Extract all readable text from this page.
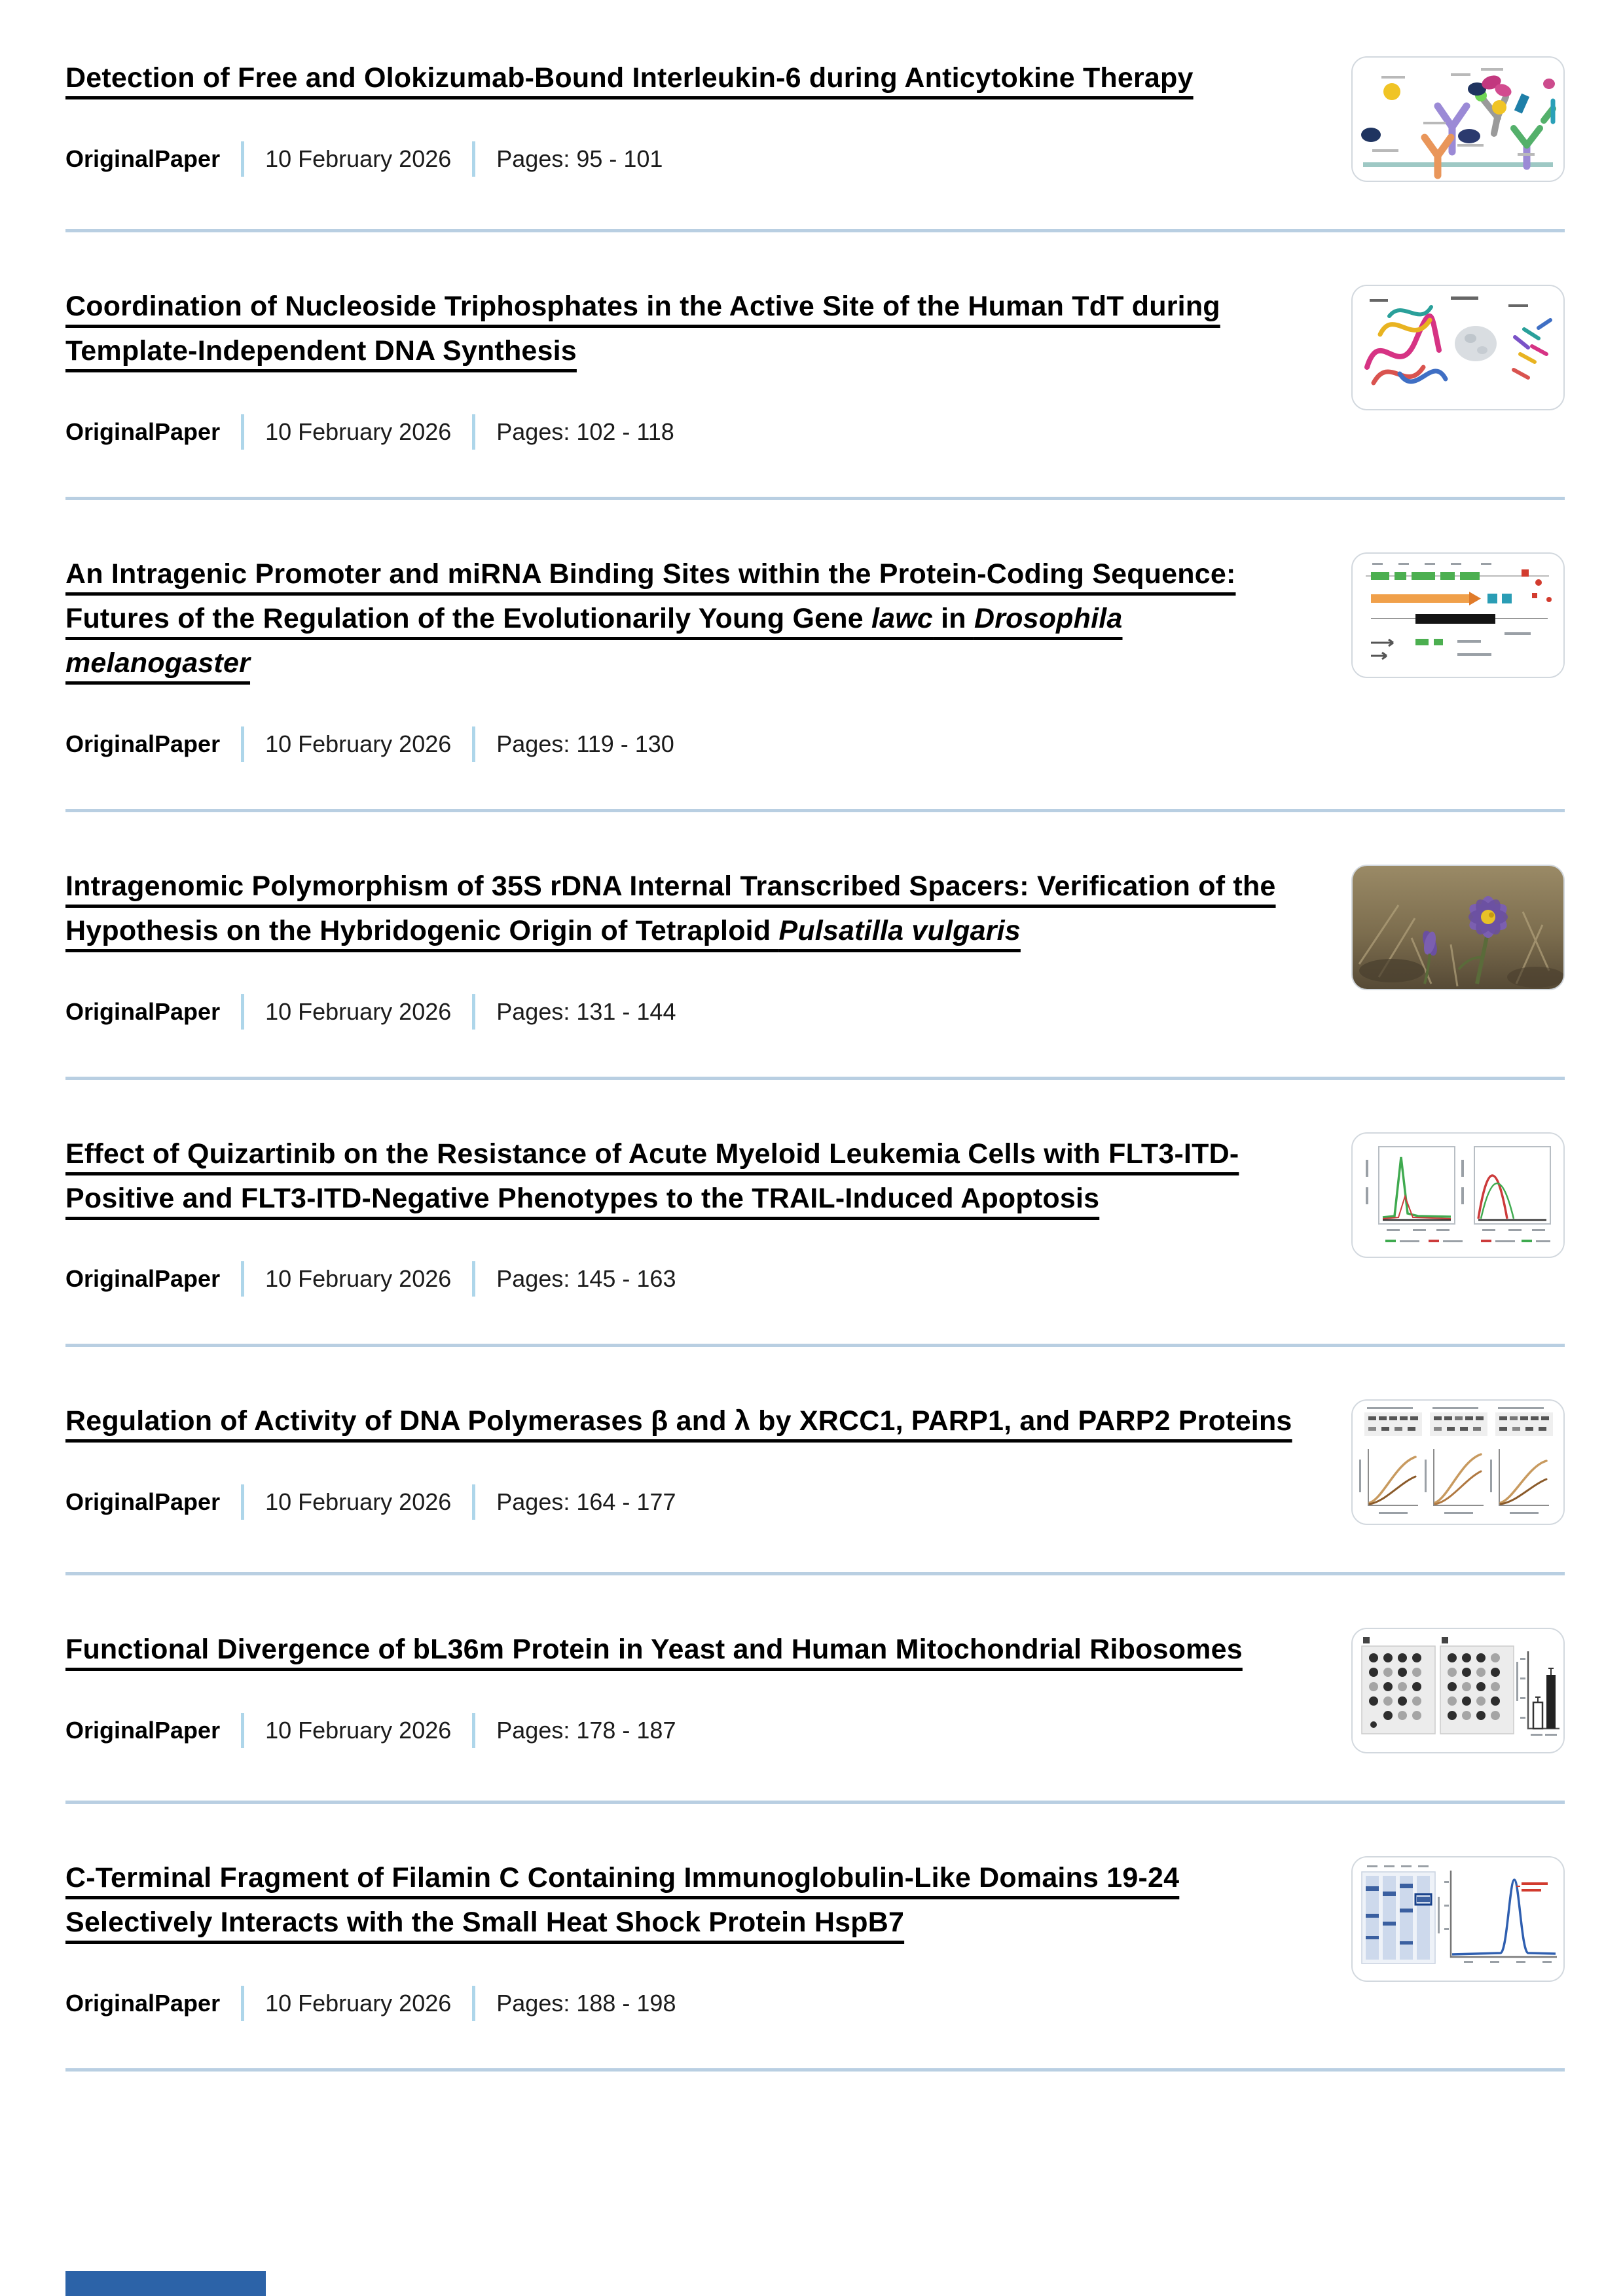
Detection of Free and Olokizumab-Bound Interleukin-6 during Anticytokine Therapy
OriginalPaper 10 February 2026 Pages: 95 - 101
Coordination of Nucleoside Triphosphates in the Active Site of the Human TdT during Template-Independent DNA Synthesis
OriginalPaper 10 February 2026 Pages: 102 - 118
An Intragenic Promoter and miRNA Binding Sites within the Protein-Coding Sequence: Futures of the Regulation of the Evolutionarily Young Gene lawc in Drosophila melanogaster
OriginalPaper 10 February 2026 Pages: 119 - 130
Intragenomic Polymorphism of 35S rDNA Internal Transcribed Spacers: Verification of the Hypothesis on the Hybridogenic Origin of Tetraploid Pulsatilla vulgaris
OriginalPaper 10 February 2026 Pages: 131 - 144
Effect of Quizartinib on the Resistance of Acute Myeloid Leukemia Cells with FLT3-ITD-Positive and FLT3-ITD-Negative Phenotypes to the TRAIL-Induced Apoptosis
OriginalPaper 10 February 2026 Pages: 145 - 163
Regulation of Activity of DNA Polymerases β and λ by XRCC1, PARP1, and PARP2 Proteins
OriginalPaper 10 February 2026 Pages: 164 - 177
Functional Divergence of bL36m Protein in Yeast and Human Mitochondrial Ribosomes
OriginalPaper 10 February 2026 Pages: 178 - 187
C-Terminal Fragment of Filamin C Containing Immunoglobulin-Like Domains 19-24 Selectively Interacts with the Small Heat Shock Protein HspB7
OriginalPaper 10 February 2026 Pages: 188 - 198
